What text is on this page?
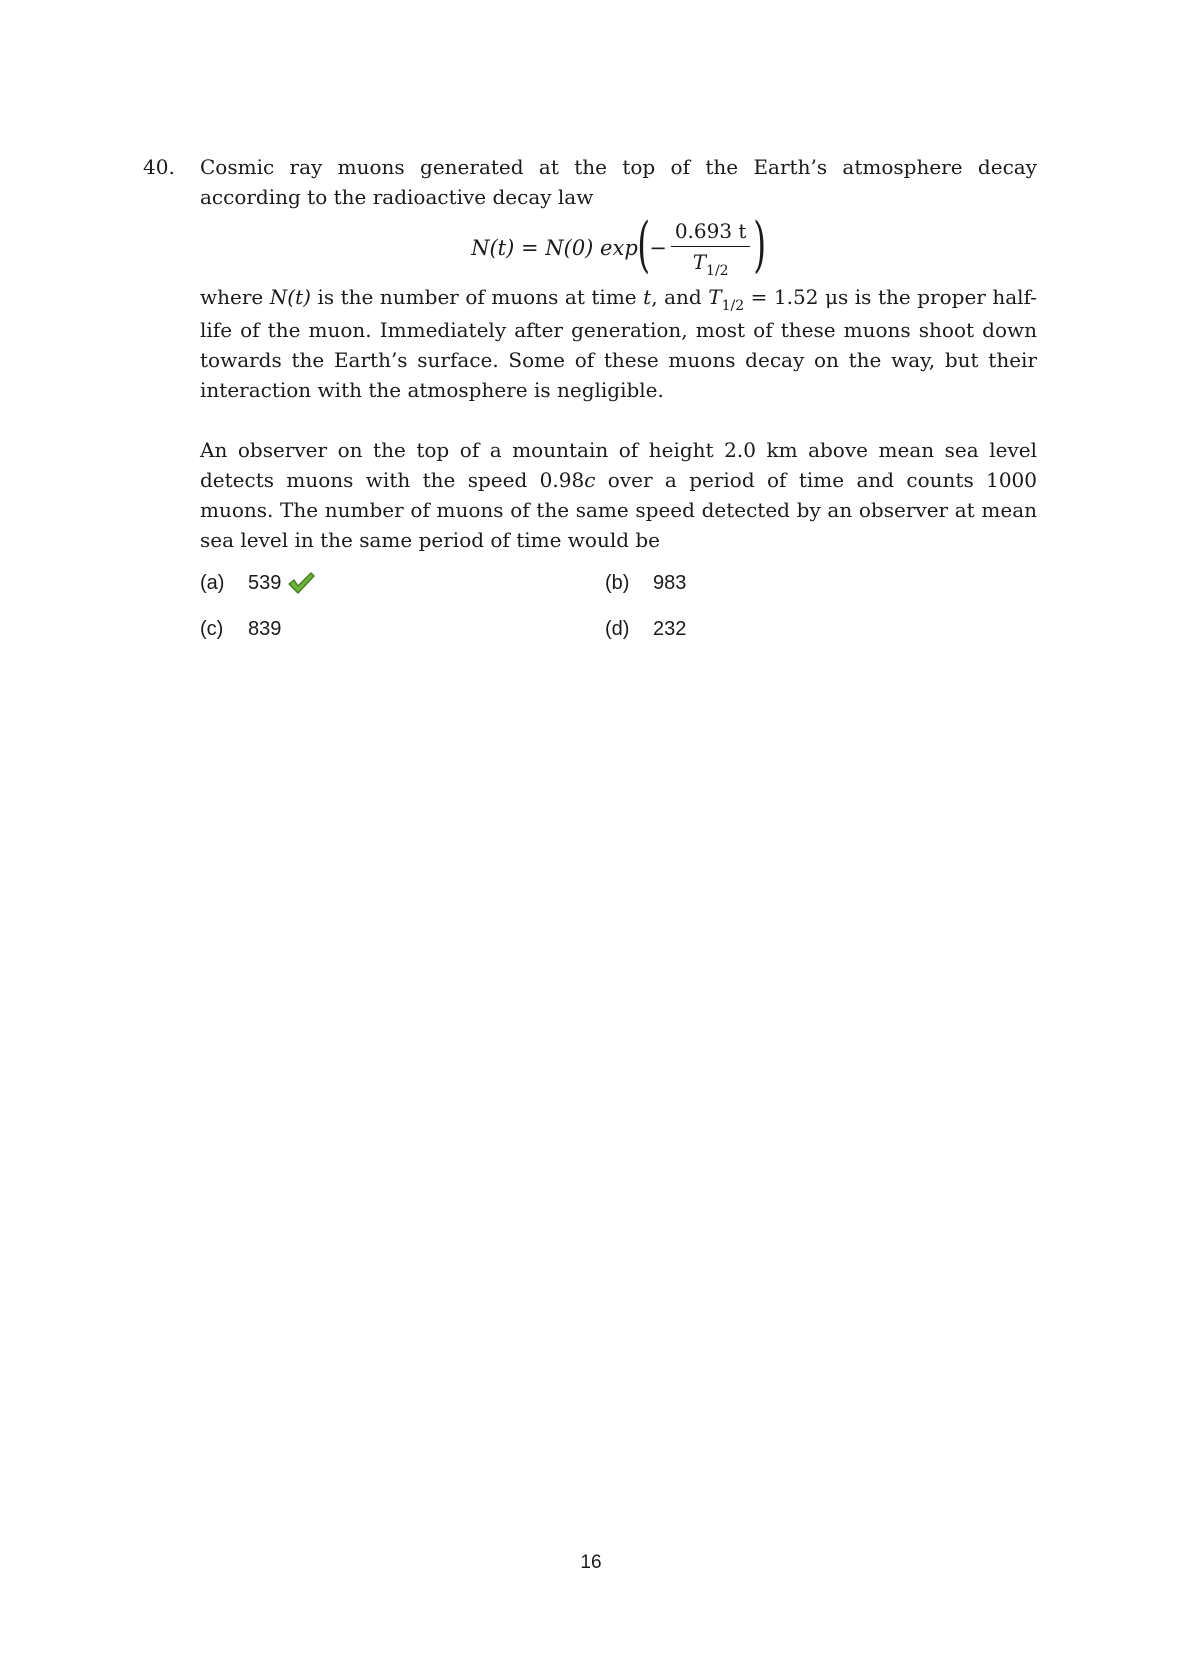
40. Cosmic ray muons generated at the top of the Earth’s atmosphere decay according to the radioactive decay law

N(t) = N(0) exp ( − $\frac{0.693 t}{T_{1/2}}$ )

where N(t) is the number of muons at time t, and $T_{1/2} = 1.52$ μs is the proper half-life of the muon. Immediately after generation, most of these muons shoot down towards the Earth’s surface. Some of these muons decay on the way, but their interaction with the atmosphere is negligible.

An observer on the top of a mountain of height 2.0 km above mean sea level detects muons with the speed 0.98c over a period of time and counts 1000 muons. The number of muons of the same speed detected by an observer at mean sea level in the same period of time would be

(a)	539	(b)	983
(c)	839	(d)	232
16
